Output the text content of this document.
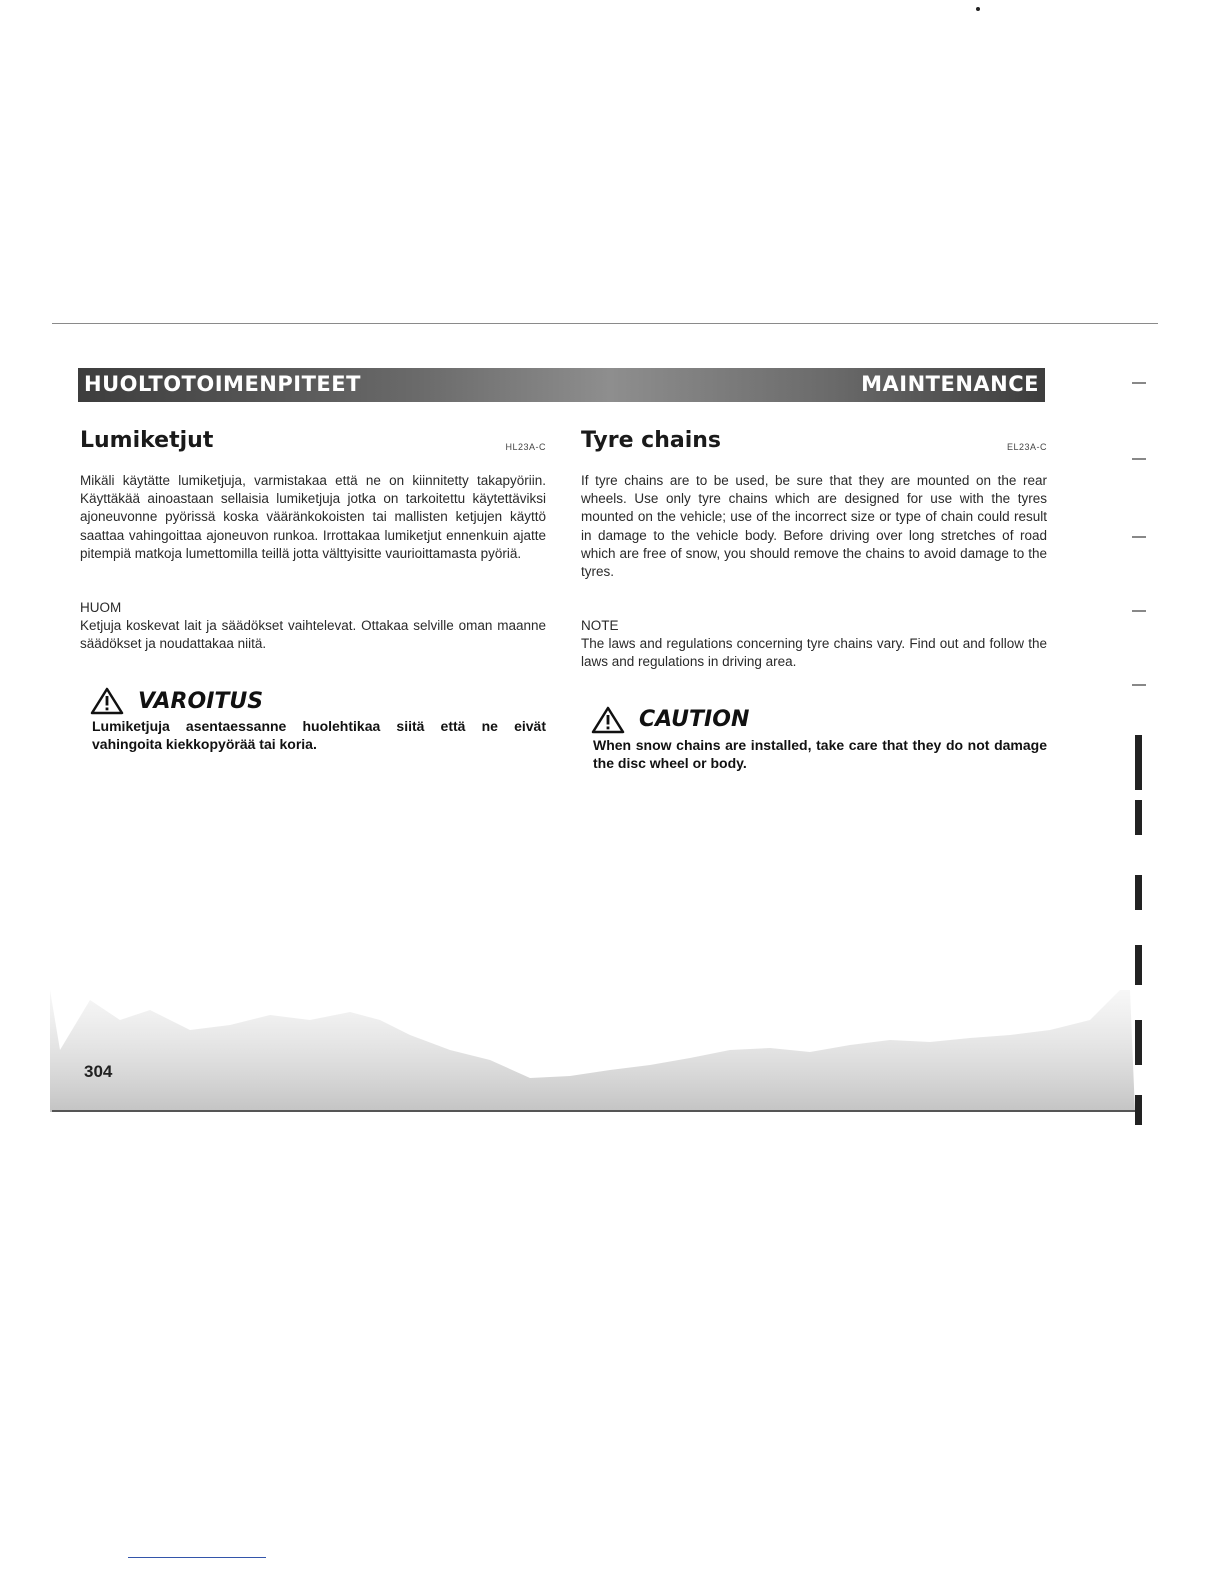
HUOLTOTOIMENPITEET	MAINTENANCE
Lumiketjut	HL23A-C

Mikäli käytätte lumiketjuja, varmistakaa että ne on kiinnitetty takapyöriin. Käyttäkää ainoastaan sellaisia lumiketjuja jotka on tarkoitettu käytettäviksi ajoneuvonne pyörissä koska vääränkokoisten tai mallisten ketjujen käyttö saattaa vahingoittaa ajoneuvon runkoa. Irrottakaa lumiketjut ennenkuin ajatte pitempiä matkoja lumettomilla teillä jotta välttyisitte vaurioittamasta pyöriä.

HUOM

Ketjuja koskevat lait ja säädökset vaihtelevat. Ottakaa selville oman maanne säädökset ja noudattakaa niitä.

VAROITUS

Lumiketjuja asentaessanne huolehtikaa siitä että ne eivät vahingoita kiekkopyörää tai koria.

Tyre chains	EL23A-C

If tyre chains are to be used, be sure that they are mounted on the rear wheels. Use only tyre chains which are designed for use with the tyres mounted on the vehicle; use of the incorrect size or type of chain could result in damage to the vehicle body. Before driving over long stretches of road which are free of snow, you should remove the chains to avoid damage to the tyres.

NOTE

The laws and regulations concerning tyre chains vary. Find out and follow the laws and regulations in driving area.

CAUTION

When snow chains are installed, take care that they do not damage the disc wheel or body.

304
